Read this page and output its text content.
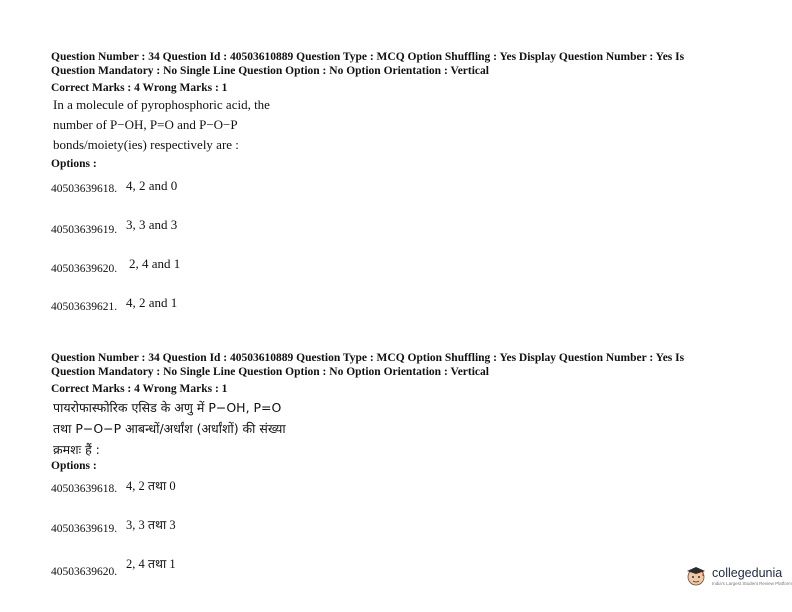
Question Number : 34 Question Id : 40503610889 Question Type : MCQ Option Shuffling : Yes Display Question Number : Yes Is
Question Mandatory : No Single Line Question Option : No Option Orientation : Vertical
Correct Marks : 4 Wrong Marks : 1
In a molecule of pyrophosphoric acid, the
number of P−OH, P=O and P−O−P
bonds/moiety(ies) respectively are :
Options :
40503639618. 4, 2 and 0
40503639619. 3, 3 and 3
40503639620. 2, 4 and 1
40503639621. 4, 2 and 1
Question Number : 34 Question Id : 40503610889 Question Type : MCQ Option Shuffling : Yes Display Question Number : Yes Is
Question Mandatory : No Single Line Question Option : No Option Orientation : Vertical
Correct Marks : 4 Wrong Marks : 1
पायरोफास्फोरिक एसिड के अणु में P−OH, P=O
तथा P−O−P आबन्धों/अर्धांश (अर्धांशों) की संख्या
क्रमशः हैं :
Options :
40503639618. 4, 2 तथा 0
40503639619. 3, 3 तथा 3
40503639620.
2, 4 तथा 1
collegedunia
India's Largest Student Review Platform
